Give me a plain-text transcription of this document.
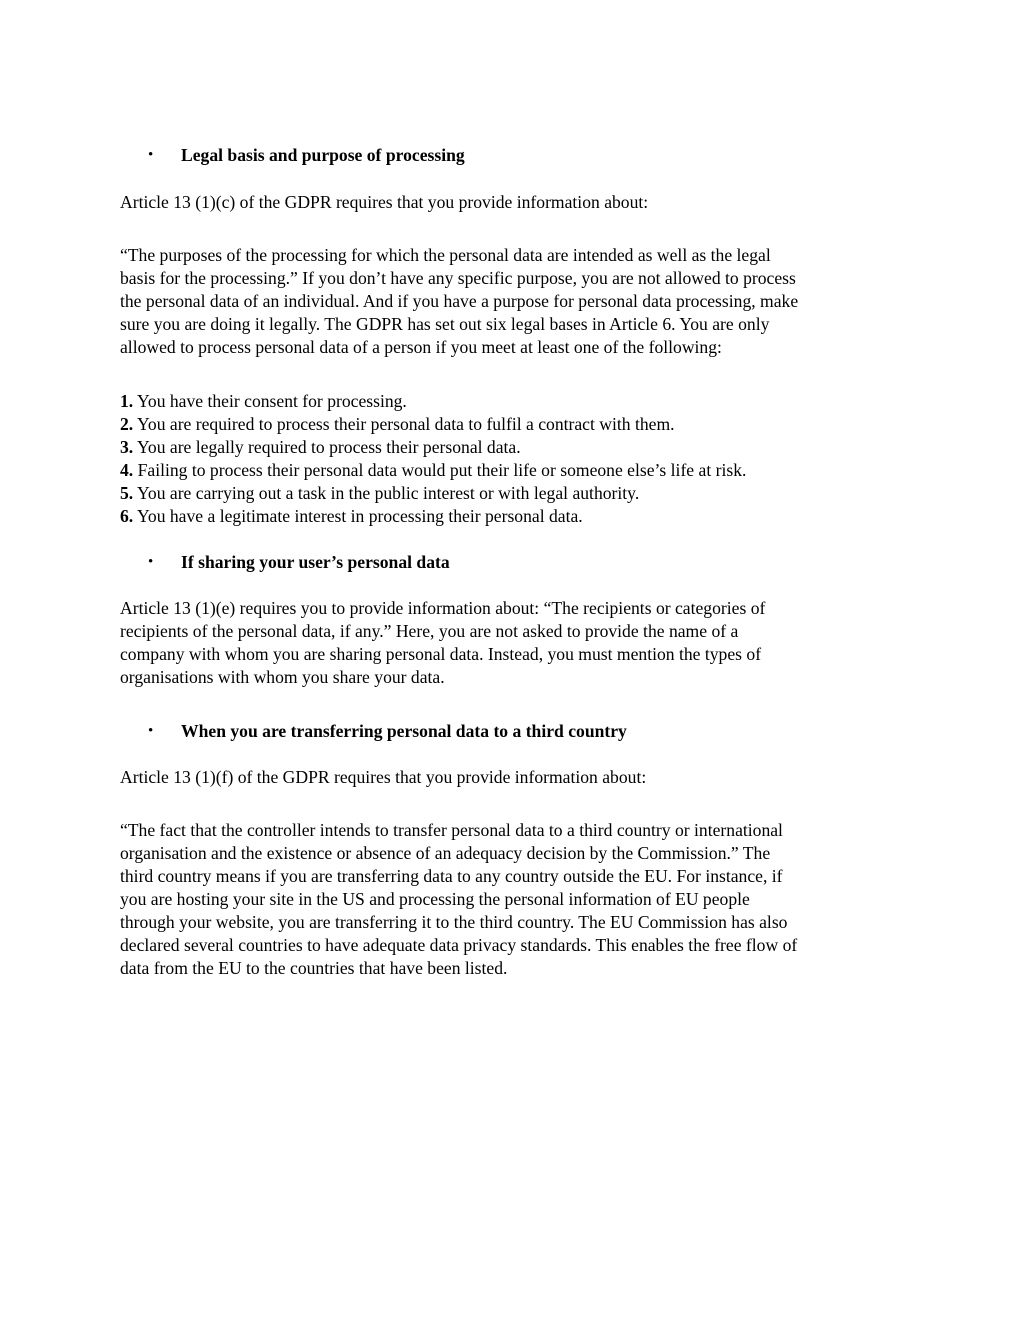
• Legal basis and purpose of processing
Article 13 (1)(c) of the GDPR requires that you provide information about:
“The purposes of the processing for which the personal data are intended as well as the legal
basis for the processing.” If you don’t have any specific purpose, you are not allowed to process
the personal data of an individual. And if you have a purpose for personal data processing, make
sure you are doing it legally. The GDPR has set out six legal bases in Article 6. You are only
allowed to process personal data of a person if you meet at least one of the following:
1. You have their consent for processing.
2. You are required to process their personal data to fulfil a contract with them.
3. You are legally required to process their personal data.
4. Failing to process their personal data would put their life or someone else’s life at risk.
5. You are carrying out a task in the public interest or with legal authority.
6. You have a legitimate interest in processing their personal data.
• If sharing your user’s personal data
Article 13 (1)(e) requires you to provide information about: “The recipients or categories of
recipients of the personal data, if any.” Here, you are not asked to provide the name of a
company with whom you are sharing personal data. Instead, you must mention the types of
organisations with whom you share your data.
• When you are transferring personal data to a third country
Article 13 (1)(f) of the GDPR requires that you provide information about:
“The fact that the controller intends to transfer personal data to a third country or international
organisation and the existence or absence of an adequacy decision by the Commission.” The
third country means if you are transferring data to any country outside the EU. For instance, if
you are hosting your site in the US and processing the personal information of EU people
through your website, you are transferring it to the third country. The EU Commission has also
declared several countries to have adequate data privacy standards. This enables the free flow of
data from the EU to the countries that have been listed.
